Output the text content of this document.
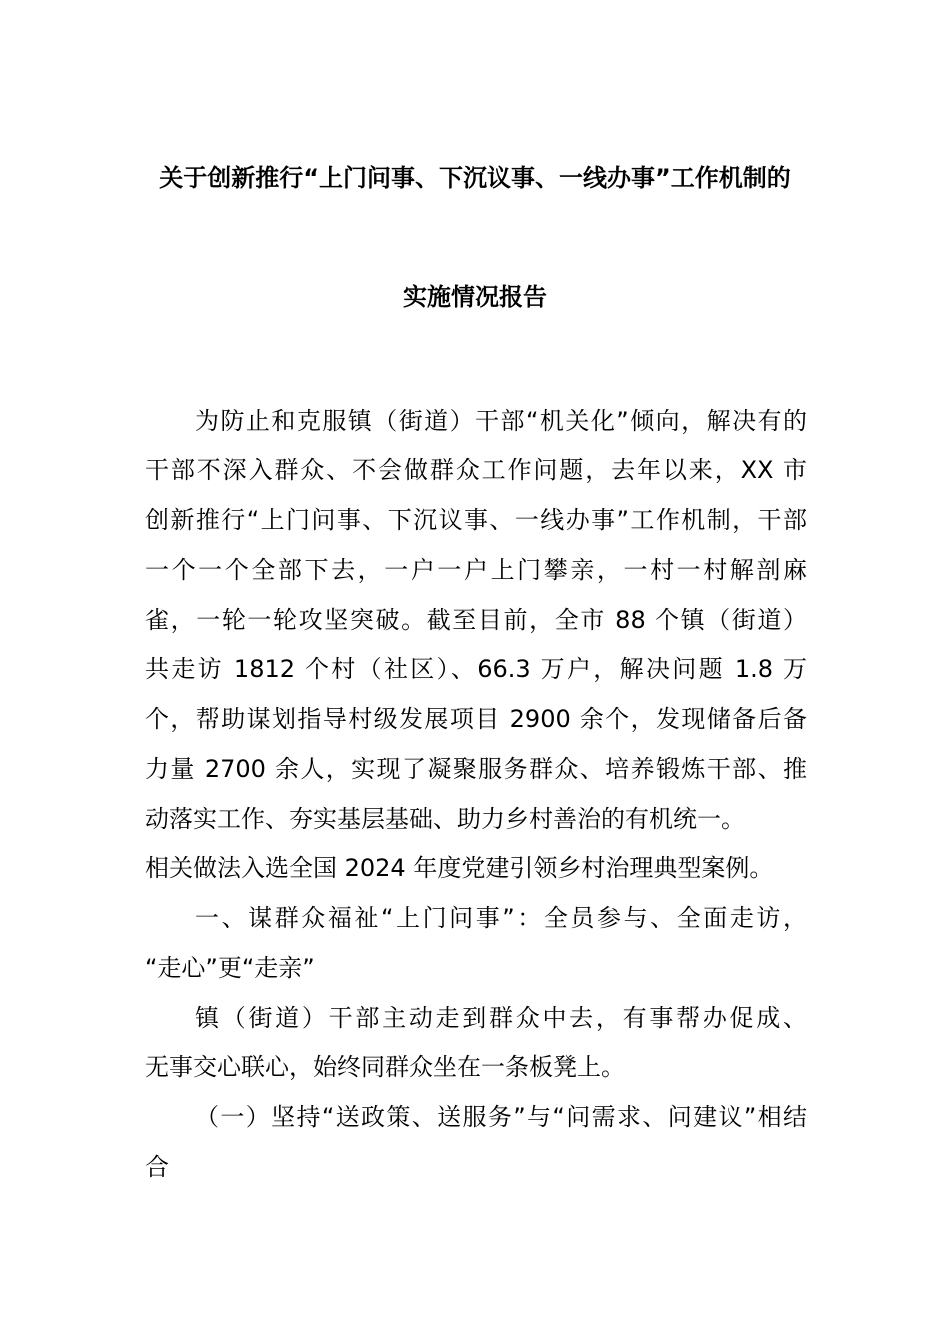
关于创新推行“上门问事、下沉议事、一线办事”工作机制的
实施情况报告
为防止和克服镇（街道）干部“机关化”倾向，解决有的
干部不深入群众、不会做群众工作问题，去年以来，XX 市
创新推行“上门问事、下沉议事、一线办事”工作机制，干部
一个一个全部下去，一户一户上门攀亲，一村一村解剖麻
雀，一轮一轮攻坚突破。截至目前，全市 88 个镇（街道）
共走访 1812 个村（社区）、66.3 万户，解决问题 1.8 万
个，帮助谋划指导村级发展项目 2900 余个，发现储备后备
力量 2700 余人，实现了凝聚服务群众、培养锻炼干部、推
动落实工作、夯实基层基础、助力乡村善治的有机统一。
相关做法入选全国 2024 年度党建引领乡村治理典型案例。
一、谋群众福祉“上门问事”：全员参与、全面走访，
“走心”更“走亲”
镇（街道）干部主动走到群众中去，有事帮办促成、
无事交心联心，始终同群众坐在一条板凳上。
（一）坚持“送政策、送服务”与“问需求、问建议”相结
合
